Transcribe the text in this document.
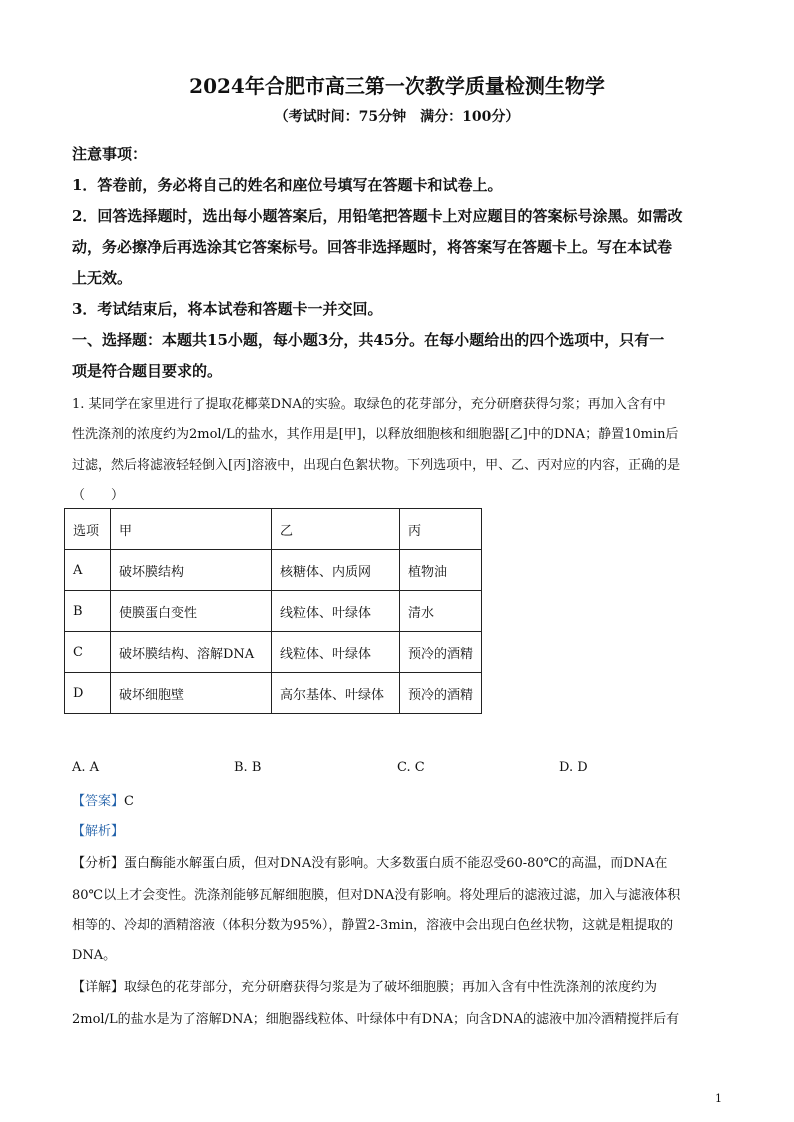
2024年合肥市高三第一次教学质量检测生物学
（考试时间：75分钟　满分：100分）
注意事项：
1．答卷前，务必将自己的姓名和座位号填写在答题卡和试卷上。
2．回答选择题时，选出每小题答案后，用铅笔把答题卡上对应题目的答案标号涂黑。如需改
动，务必擦净后再选涂其它答案标号。回答非选择题时，将答案写在答题卡上。写在本试卷
上无效。
3．考试结束后，将本试卷和答题卡一并交回。
一、选择题：本题共15小题，每小题3分，共45分。在每小题给出的四个选项中，只有一
项是符合题目要求的。
1. 某同学在家里进行了提取花椰菜DNA的实验。取绿色的花芽部分，充分研磨获得匀浆；再加入含有中
性洗涤剂的浓度约为2mol/L的盐水，其作用是[甲]，以释放细胞核和细胞器[乙]中的DNA；静置10min后
过滤，然后将滤液轻轻倒入[丙]溶液中，出现白色絮状物。下列选项中，甲、乙、丙对应的内容，正确的是
（　　）
选项	甲	乙	丙
A	破坏膜结构	核糖体、内质网	植物油
B	使膜蛋白变性	线粒体、叶绿体	清水
C	破坏膜结构、溶解DNA	线粒体、叶绿体	预冷的酒精
D	破坏细胞壁	高尔基体、叶绿体	预冷的酒精
A. A	B. B	C. C	D. D
【答案】C
【解析】
【分析】蛋白酶能水解蛋白质，但对DNA没有影响。大多数蛋白质不能忍受60-80℃的高温，而DNA在
80℃以上才会变性。洗涤剂能够瓦解细胞膜，但对DNA没有影响。将处理后的滤液过滤，加入与滤液体积
相等的、冷却的酒精溶液（体积分数为95%），静置2-3min，溶液中会出现白色丝状物，这就是粗提取的
DNA。
【详解】取绿色的花芽部分，充分研磨获得匀浆是为了破坏细胞膜；再加入含有中性洗涤剂的浓度约为
2mol/L的盐水是为了溶解DNA；细胞器线粒体、叶绿体中有DNA；向含DNA的滤液中加冷酒精搅拌后有
1
